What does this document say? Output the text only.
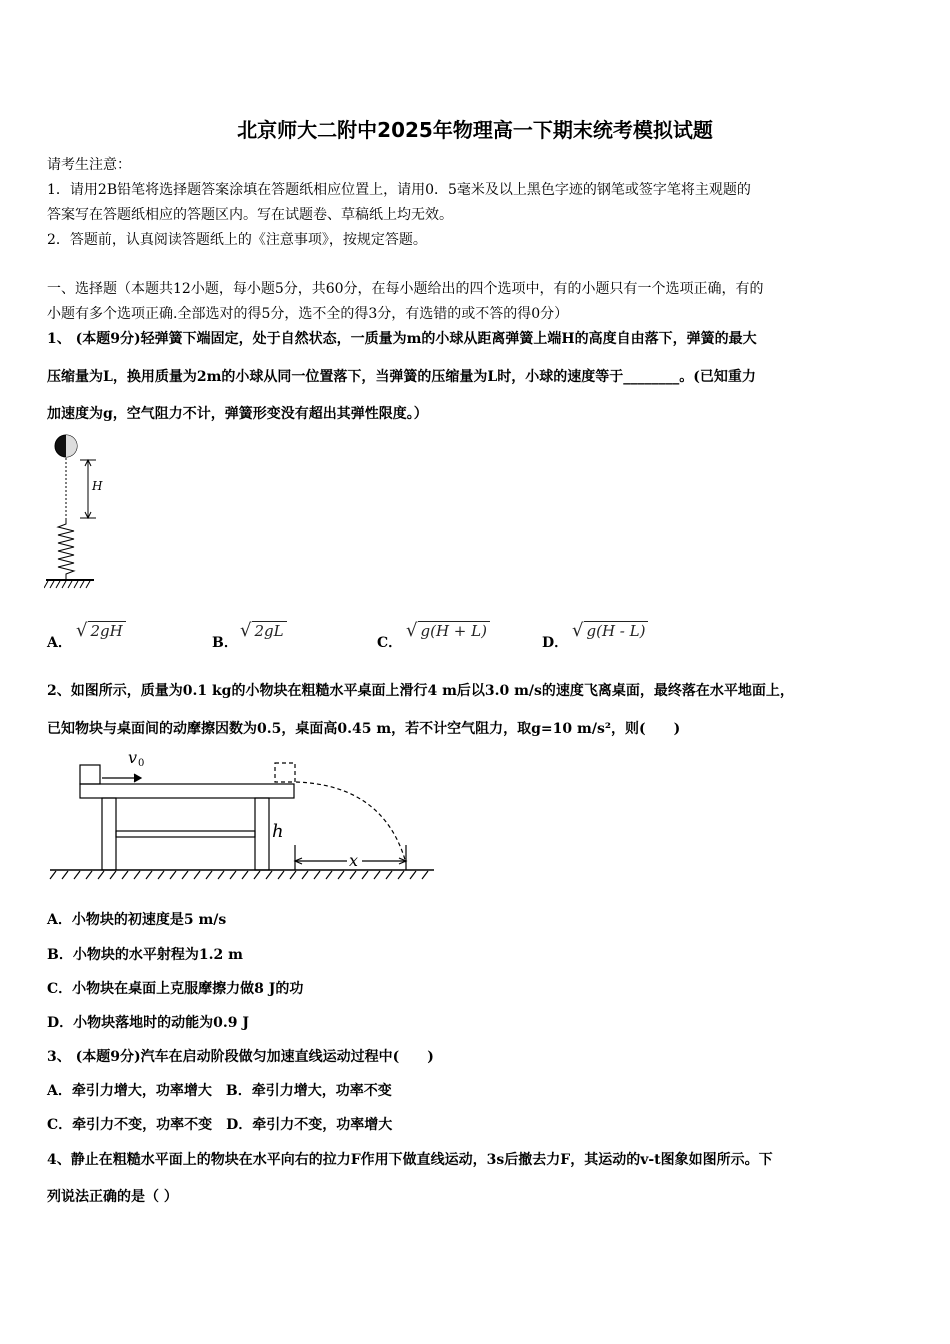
北京师大二附中2025年物理高一下期末统考模拟试题
请考生注意：
1．请用2B铅笔将选择题答案涂填在答题纸相应位置上，请用0．5毫米及以上黑色字迹的钢笔或签字笔将主观题的
答案写在答题纸相应的答题区内。写在试题卷、草稿纸上均无效。
2．答题前，认真阅读答题纸上的《注意事项》，按规定答题。
一、选择题（本题共12小题，每小题5分，共60分，在每小题给出的四个选项中，有的小题只有一个选项正确，有的
小题有多个选项正确.全部选对的得5分，选不全的得3分，有选错的或不答的得0分）
1、 (本题9分)轻弹簧下端固定，处于自然状态，一质量为m的小球从距离弹簧上端H的高度自由落下，弹簧的最大
压缩量为L，换用质量为2m的小球从同一位置落下，当弹簧的压缩量为L时，小球的速度等于________。(已知重力
加速度为g，空气阻力不计，弹簧形变没有超出其弹性限度。）
H
A．
√ 2gH
B．
√ 2gL
C．
√ g(H + L)
D．
√ g(H - L)
2、如图所示，质量为0.1 kg的小物块在粗糙水平桌面上滑行4 m后以3.0 m/s的速度飞离桌面，最终落在水平地面上，
已知物块与桌面间的动摩擦因数为0.5，桌面高0.45 m，若不计空气阻力，取g=10 m/s²，则(　　)
v 0
h
x
A．小物块的初速度是5 m/s
B．小物块的水平射程为1.2 m
C．小物块在桌面上克服摩擦力做8 J的功
D．小物块落地时的动能为0.9 J
3、 (本题9分)汽车在启动阶段做匀加速直线运动过程中(　　)
A．牵引力增大，功率增大　B．牵引力增大，功率不变
C．牵引力不变，功率不变　D．牵引力不变，功率增大
4、静止在粗糙水平面上的物块在水平向右的拉力F作用下做直线运动，3s后撤去力F，其运动的v-t图象如图所示。下
列说法正确的是（ ）
